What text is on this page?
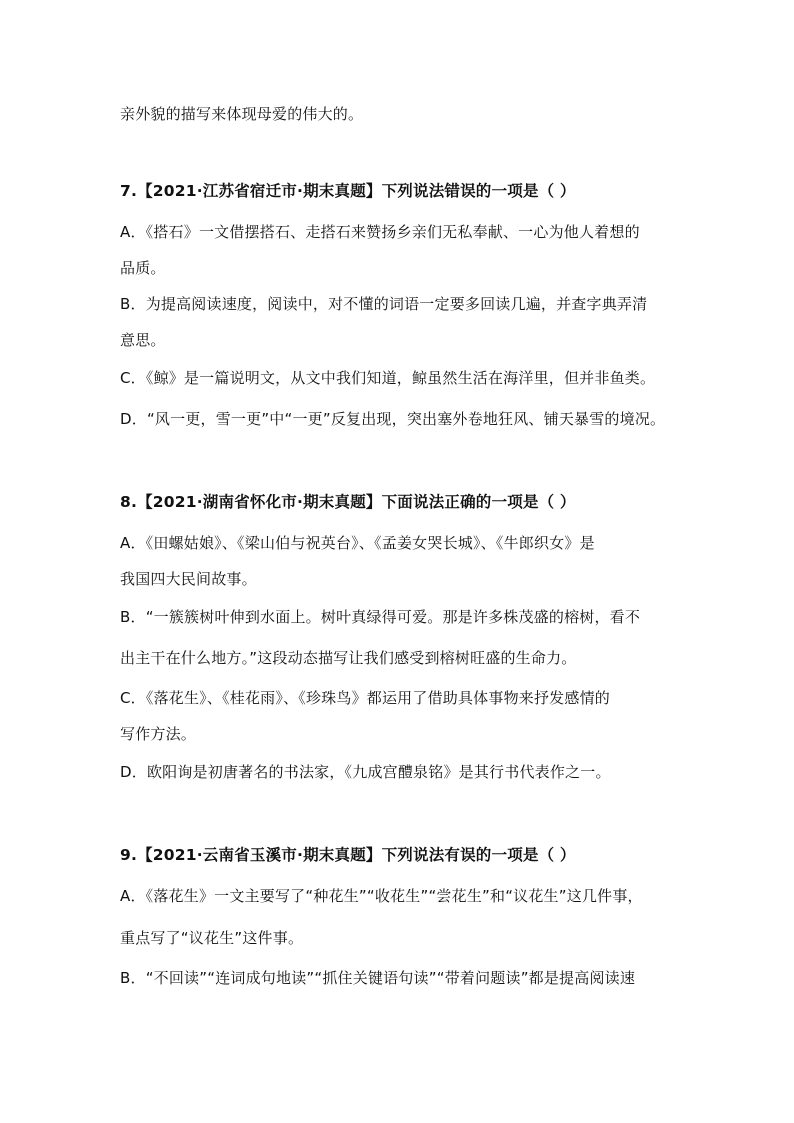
亲外貌的描写来体现母爱的伟大的。
7.【2021·江苏省宿迁市·期末真题】下列说法错误的一项是（ ）
A．《搭石》一文借摆搭石、走搭石来赞扬乡亲们无私奉献、一心为他人着想的
品质。
B．为提高阅读速度，阅读中，对不懂的词语一定要多回读几遍，并查字典弄清
意思。
C．《鲸》是一篇说明文，从文中我们知道，鲸虽然生活在海洋里，但并非鱼类。
D．“风一更，雪一更”中“一更”反复出现，突出塞外卷地狂风、铺天暴雪的境况。
8.【2021·湖南省怀化市·期末真题】下面说法正确的一项是（ ）
A．《田螺姑娘》、《梁山伯与祝英台》、《孟姜女哭长城》、《牛郎织女》是
我国四大民间故事。
B．“一簇簇树叶伸到水面上。树叶真绿得可爱。那是许多株茂盛的榕树，看不
出主干在什么地方。”这段动态描写让我们感受到榕树旺盛的生命力。
C．《落花生》、《桂花雨》、《珍珠鸟》都运用了借助具体事物来抒发感情的
写作方法。
D．欧阳询是初唐著名的书法家，《九成宫醴泉铭》是其行书代表作之一。
9.【2021·云南省玉溪市·期末真题】下列说法有误的一项是（ ）
A．《落花生》一文主要写了“种花生”“收花生”“尝花生”和“议花生”这几件事，
重点写了“议花生”这件事。
B．“不回读”“连词成句地读”“抓住关键语句读”“带着问题读”都是提高阅读速
